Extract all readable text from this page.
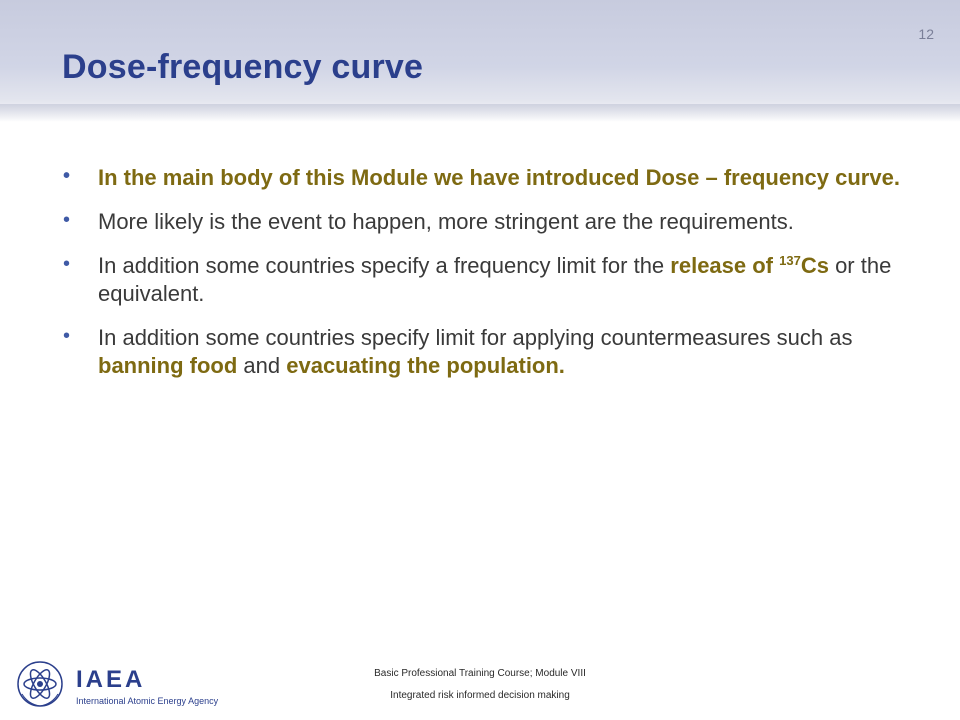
12
Dose-frequency curve
• In the main body of this Module we have introduced Dose – frequency curve.
• More likely is the event to happen, more stringent are the requirements.
• In addition some countries specify a frequency limit for the release of $^{137}$Cs or the equivalent.
• In addition some countries specify limit for applying countermeasures such as banning food and evacuating the population.
IAEA
International Atomic Energy Agency
Basic Professional Training Course; Module VIII
Integrated risk informed decision making
